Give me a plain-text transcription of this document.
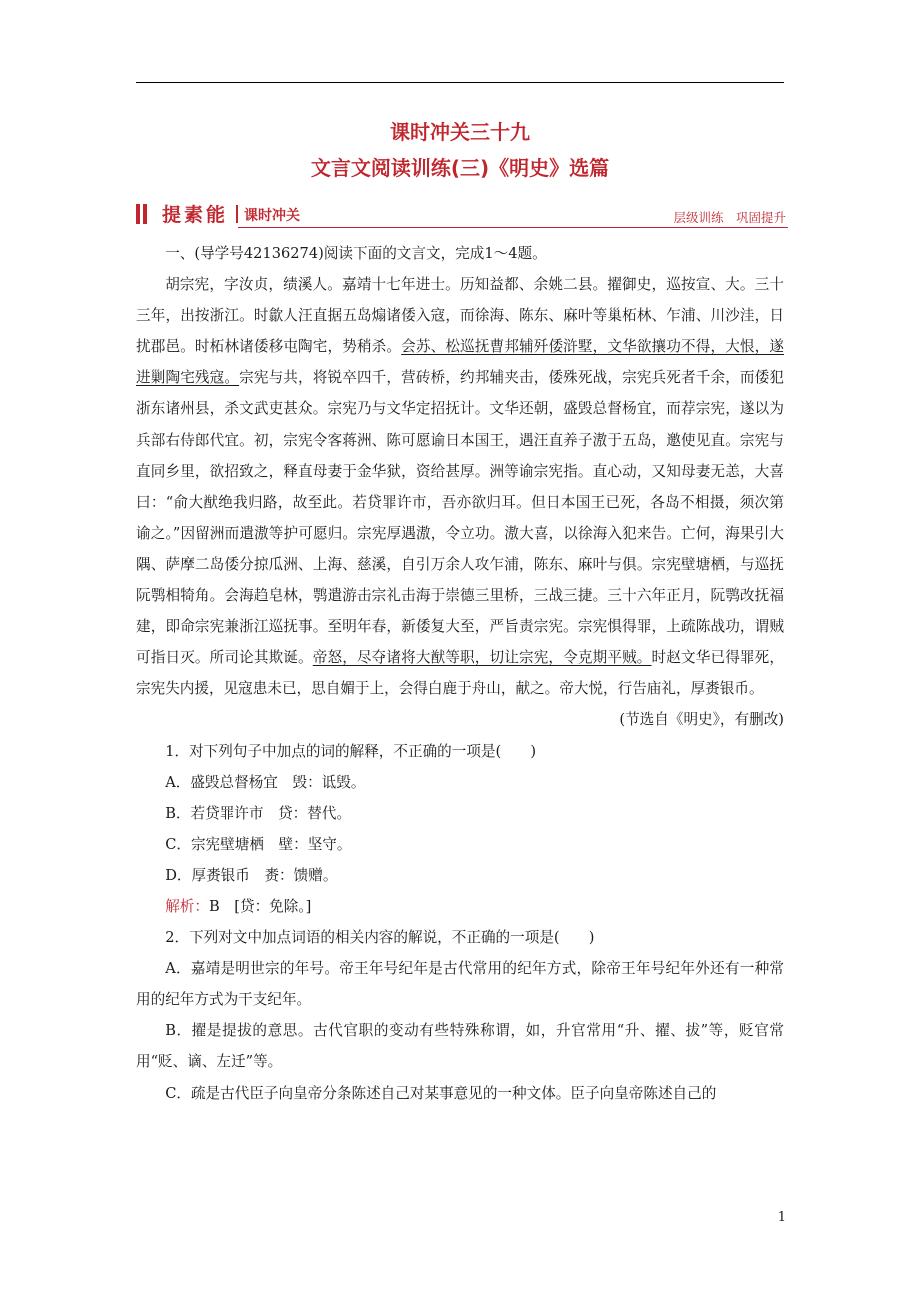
课时冲关三十九
文言文阅读训练(三)《明史》选篇
提素能 课时冲关	层级训练　巩固提升

一、(导学号42136274)阅读下面的文言文，完成1～4题。

胡宗宪，字汝贞，绩溪人。嘉靖十七年进士。历知益都、余姚二县。擢御史，巡按宣、大。三十三年，出按浙江。时歙人汪直据五岛煽诸倭入寇，而徐海、陈东、麻叶等巢柘林、乍浦、川沙洼，日扰郡邑。时柘林诸倭移屯陶宅，势稍杀。会苏、松巡抚曹邦辅歼倭浒墅，文华欲攘功不得，大恨，遂进剿陶宅残寇。宗宪与共，将锐卒四千，营砖桥，约邦辅夹击，倭殊死战，宗宪兵死者千余，而倭犯浙东诸州县，杀文武吏甚众。宗宪乃与文华定招抚计。文华还朝，盛毁总督杨宜，而荐宗宪，遂以为兵部右侍郎代宜。初，宗宪令客蒋洲、陈可愿谕日本国王，遇汪直养子滶于五岛，邀使见直。宗宪与直同乡里，欲招致之，释直母妻于金华狱，资给甚厚。洲等谕宗宪指。直心动，又知母妻无恙，大喜曰：“俞大猷绝我归路，故至此。若贷罪许市，吾亦欲归耳。但日本国王已死，各岛不相摄，须次第谕之。”因留洲而遣滶等护可愿归。宗宪厚遇滶，令立功。滶大喜，以徐海入犯来告。亡何，海果引大隅、萨摩二岛倭分掠瓜洲、上海、慈溪，自引万余人攻乍浦，陈东、麻叶与俱。宗宪壁塘栖，与巡抚阮鹗相犄角。会海趋皂林，鹗遣游击宗礼击海于崇德三里桥，三战三捷。三十六年正月，阮鹗改抚福建，即命宗宪兼浙江巡抚事。至明年春，新倭复大至，严旨责宗宪。宗宪惧得罪，上疏陈战功，谓贼可指日灭。所司论其欺诞。帝怒，尽夺诸将大猷等职，切让宗宪，令克期平贼。时赵文华已得罪死，宗宪失内援，见寇患未已，思自媚于上，会得白鹿于舟山，献之。帝大悦，行告庙礼，厚赉银币。

(节选自《明史》，有删改)

1．对下列句子中加点的词的解释，不正确的一项是(　　)

A．盛毁总督杨宜　毁：诋毁。

B．若贷罪许市　贷：替代。

C．宗宪壁塘栖　壁：坚守。

D．厚赉银币　赉：馈赠。

解析：B　[贷：免除。]

2．下列对文中加点词语的相关内容的解说，不正确的一项是(　　)

A．嘉靖是明世宗的年号。帝王年号纪年是古代常用的纪年方式，除帝王年号纪年外还有一种常用的纪年方式为干支纪年。

B．擢是提拔的意思。古代官职的变动有些特殊称谓，如，升官常用“升、擢、拔”等，贬官常用“贬、谪、左迁”等。

C．疏是古代臣子向皇帝分条陈述自己对某事意见的一种文体。臣子向皇帝陈述自己的

1
